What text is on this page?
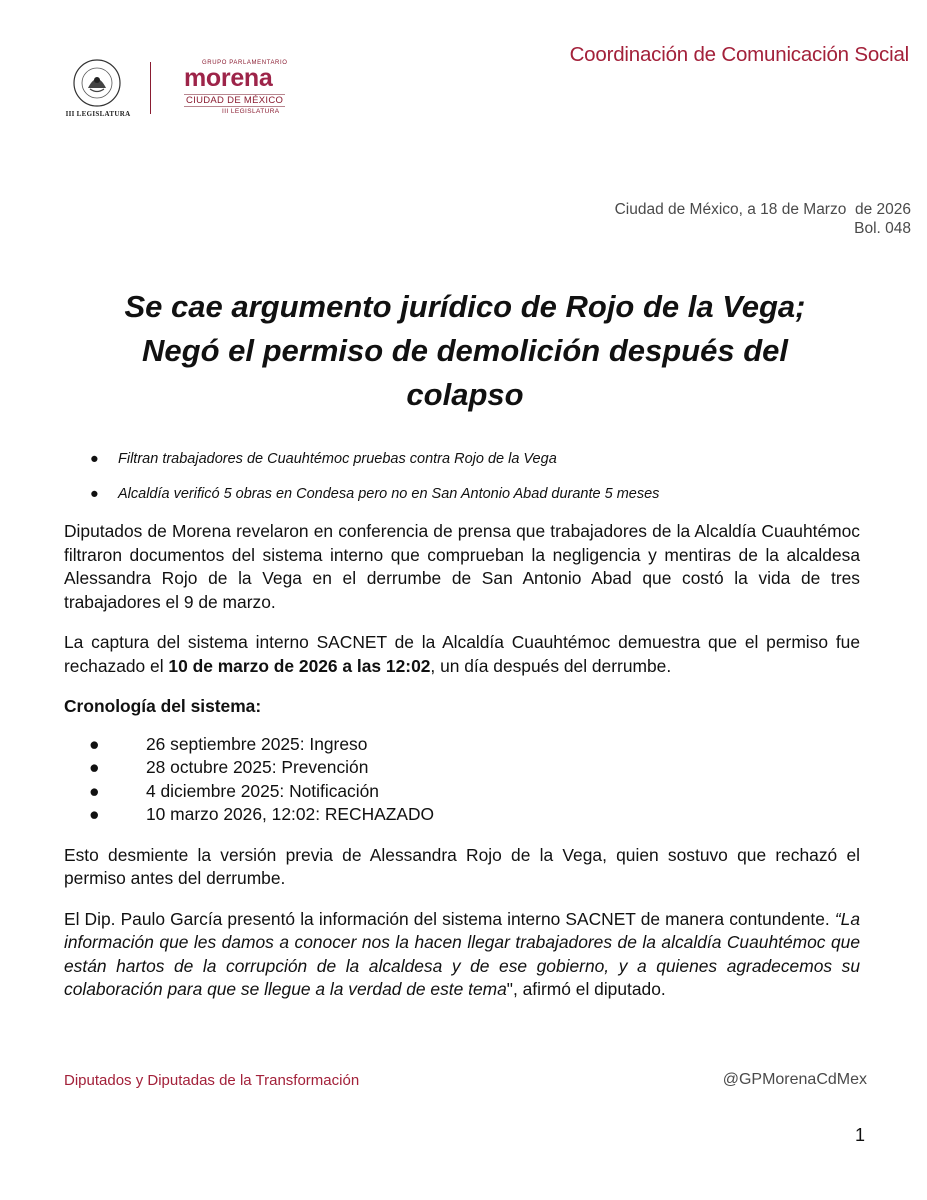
III LEGISLATURA
GRUPO PARLAMENTARIO
morena
CIUDAD DE MÉXICO
III LEGISLATURA
Coordinación de Comunicación Social
Ciudad de México, a 18 de Marzo  de 2026
Bol. 048
Se cae argumento jurídico de Rojo de la Vega;
Negó el permiso de demolición después del
colapso
● Filtran trabajadores de Cuauhtémoc pruebas contra Rojo de la Vega
● Alcaldía verificó 5 obras en Condesa pero no en San Antonio Abad durante 5 meses

Diputados de Morena revelaron en conferencia de prensa que trabajadores de la Alcaldía Cuauhtémoc filtraron documentos del sistema interno que comprueban la negligencia y mentiras de la alcaldesa Alessandra Rojo de la Vega en el derrumbe de San Antonio Abad que costó la vida de tres trabajadores el 9 de marzo.

La captura del sistema interno SACNET de la Alcaldía Cuauhtémoc demuestra que el permiso fue rechazado el 10 de marzo de 2026 a las 12:02, un día después del derrumbe.

Cronología del sistema:

●	26 septiembre 2025: Ingreso
●	28 octubre 2025: Prevención
●	4 diciembre 2025: Notificación
●	10 marzo 2026, 12:02: RECHAZADO

Esto desmiente la versión previa de Alessandra Rojo de la Vega, quien sostuvo que rechazó el permiso antes del derrumbe.

El Dip. Paulo García presentó la información del sistema interno SACNET de manera contundente. “La información que les damos a conocer nos la hacen llegar trabajadores de la alcaldía Cuauhtémoc que están hartos de la corrupción de la alcaldesa y de ese gobierno, y a quienes agradecemos su colaboración para que se llegue a la verdad de este tema", afirmó el diputado.

Diputados y Diputadas de la Transformación	@GPMorenaCdMex
1
